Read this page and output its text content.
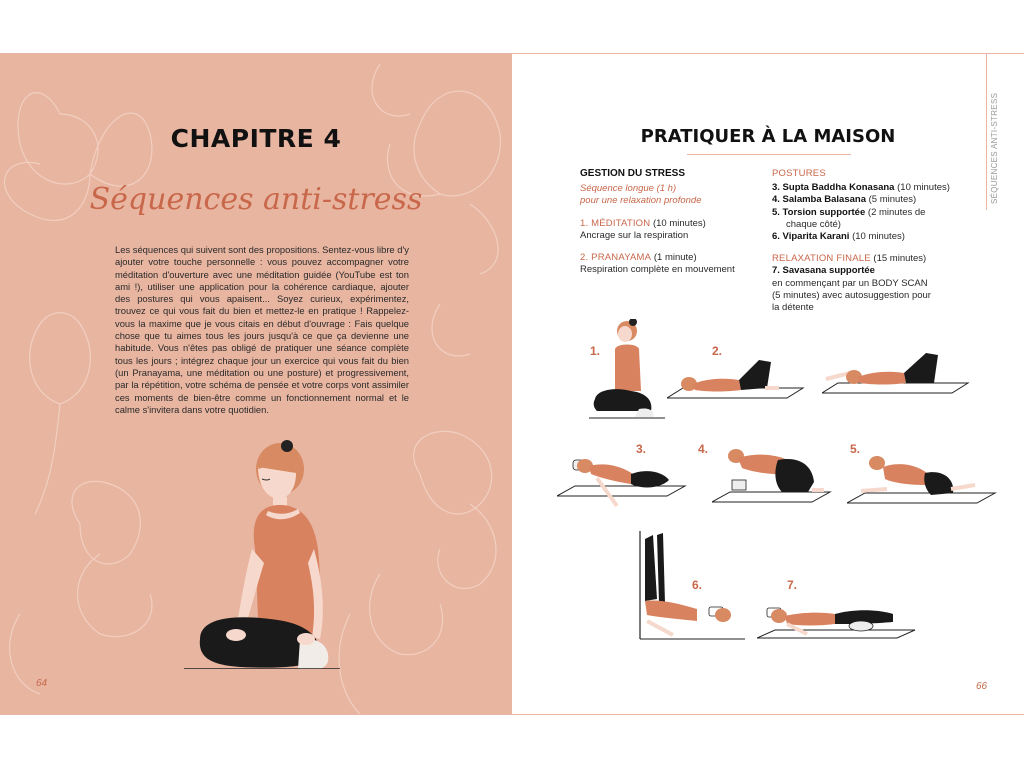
CHAPITRE 4
Séquences anti-stress
Les séquences qui suivent sont des propositions. Sentez-vous libre d'y ajouter votre touche personnelle : vous pouvez accompagner votre méditation d'ouverture avec une méditation guidée (YouTube est ton ami !), utiliser une application pour la cohérence cardiaque, ajouter des postures qui vous apaisent... Soyez curieux, expérimentez, trouvez ce qui vous fait du bien et mettez-le en pratique ! Rappelez-vous la maxime que je vous citais en début d'ouvrage : Fais quelque chose que tu aimes tous les jours jusqu'à ce que ça devienne une habitude. Vous n'êtes pas obligé de pratiquer une séance complète tous les jours ; intégrez chaque jour un exercice qui vous fait du bien (un Pranayama, une méditation ou une posture) et progressivement, par la répétition, votre schéma de pensée et votre corps vont assimiler ces moments de bien-être comme un fonctionnement normal et le calme s'invitera dans votre quotidien.
64
PRATIQUER À LA MAISON	SÉQUENCES ANTI-STRESS
GESTION DU STRESS
Séquence longue (1 h)
pour une relaxation profonde
1. MÉDITATION (10 minutes)
Ancrage sur la respiration
2. PRANAYAMA (1 minute)
Respiration complète en mouvement
POSTURES
3. Supta Baddha Konasana (10 minutes)
4. Salamba Balasana (5 minutes)
5. Torsion supportée (2 minutes de
chaque côté)
6. Viparita Karani (10 minutes)
RELAXATION FINALE (15 minutes)
7. Savasana supportée
en commençant par un BODY SCAN
(5 minutes) avec autosuggestion pour
la détente
1.	2.
3.	4.	5.
6.	7.
66
